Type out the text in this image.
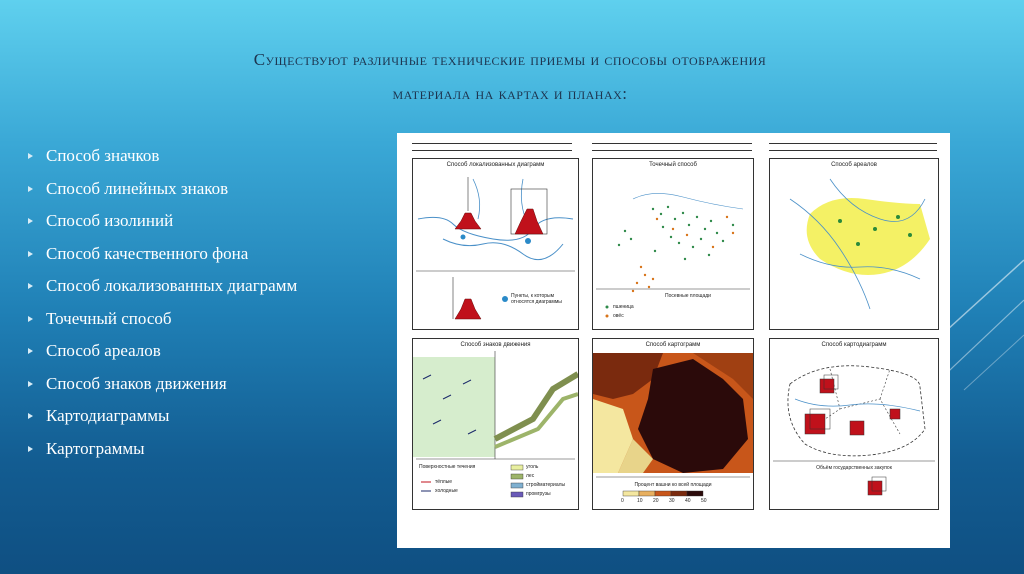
Существуют различные технические приемы и способы отображения
материала на картах и планах:
Способ значков
Способ линейных знаков
Способ изолиний
Способ качественного фона
Способ локализованных диаграмм
Точечный способ
Способ ареалов
Способ знаков движения
Картодиаграммы
Картограммы
Способ локализованных диаграмм
Пункты, к которым относятся диаграммы
Точечный способ
Посевные площади
пшеница
овёс
Способ ареалов
Способ знаков движения
Поверхностные течения
тёплые
холодные
уголь
лес
стройматериалы
промгрузы
Способ картограмм
Процент вашни ко всей площади
0	10 20 30 40 50
Способ картодиаграмм
Объём государственных закупок
